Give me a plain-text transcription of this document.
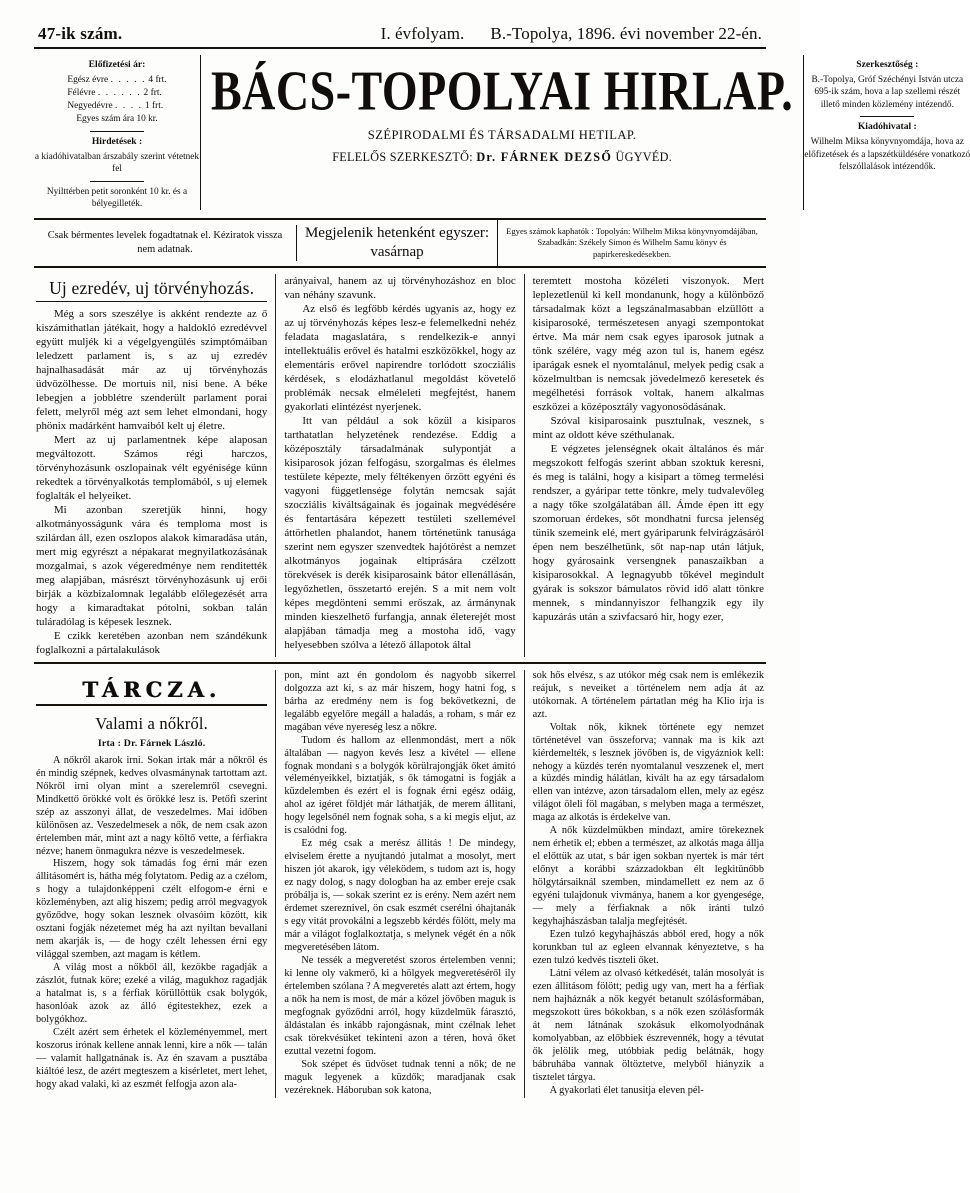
47-ik szám.	I. évfolyam. B.-Topolya, 1896. évi november 22-én.
Előfizetési ár:
Egész évre . . . . . 4 frt.
Félévre . . . . . . 2 frt.
Negyedévre . . . . 1 frt.

Egyes szám ára 10 kr.

Hirdetések :

a kiadóhivatalban árszabály szerint vétetnek fel

Nyilttérben petit soronként 10 kr. és a bélyegilleték.

BÁCS-TOPOLYAI HIRLAP.
SZÉPIRODALMI ÉS TÁRSADALMI HETILAP.
FELELŐS SZERKESZTŐ: Dr. FÁRNEK DEZSŐ ÜGYVÉD.
Szerkesztőség :

B.-Topolya, Gróf Széchényi István utcza 695-ik szám, hova a lap szellemi részét illető minden közlemény intézendő.

Kiadóhivatal :

Wilhelm Miksa könyvnyomdája, hova az előfizetések és a lapszétküldésére vonatkozó felszóllalások intézendők.

Csak bérmentes levelek fogadtatnak el. Kéziratok vissza nem adatnak.
Megjelenik hetenként egyszer:
vasárnap
Egyes számok kaphatók : Topolyán: Wilhelm Miksa könyvnyomdájában, Szabadkán: Székely Simon és Wilhelm Samu könyv és papirkereskedésekben.
Uj ezredév, uj törvényhozás.

Még a sors szeszélye is akként rendezte az ő kiszámithatlan játékait, hogy a haldokló ezredévvel együtt muljék ki a végelgyengülés szimptómáiban leledzett parlament is, s az uj ezredév hajnalhasadását már az uj törvényhozás üdvözölhesse. De mortuis nil, nisi bene. A béke lebegjen a jobblétre szenderült parlament porai felett, melyről még azt sem lehet elmondani, hogy phönix madárként hamvaiból kelt uj életre.

Mert az uj parlamentnek képe alaposan megváltozott. Számos régi harczos, törvényhozásunk oszlopainak vélt egyénisége künn rekedtek a törvényalkotás templomából, s uj elemek foglalták el helyeiket.

Mi azonban szeretjük hinni, hogy alkotmányosságunk vára és temploma most is szilárdan áll, ezen oszlopos alakok kimaradása után, mert mig egyrészt a népakarat megnyilatkozásának mozgalmai, s azok végeredménye nem renditették meg alapjában, másrészt törvényhozásunk uj erői birják a közbizalomnak legalább előlegezését arra hogy a kimaradtakat pótolni, sokban talán tuláradólag is képesek lesznek.

E czikk keretében azonban nem szándékunk foglalkozni a pártalakulások

arányaival, hanem az uj törvényhozáshoz en bloc van néhány szavunk.

Az első és legfőbb kérdés ugyanis az, hogy ez az uj törvényhozás képes lesz-e felemelkedni nehéz feladata magaslatára, s rendelkezik-e annyi intellektuális erővel és hatalmi eszközökkel, hogy az elementáris erővel napirendre torlódott szocziális kérdések, s elodázhatlanul megoldást követelő problémák necsak elméleleti megfejtést, hanem gyakorlati elintézést nyerjenek.

Itt van például a sok közül a kisiparos tarthatatlan helyzetének rendezése. Eddig a középosztály társadalmának sulypontját a kisiparosok józan felfogásu, szorgalmas és élelmes testülete képezte, mely féltékenyen őrzött egyéni és vagyoni függetlensége folytán nemcsak saját szocziális kiváltságainak és jogainak megvédésére és fentartására képezett testületi szellemével áttörhetlen phalandot, hanem történetünk tanusága szerint nem egyszer szenvedtek hajótörést a nemzet alkotmányos jogainak eltiprására czélzott törekvések is derék kisiparosaink bátor ellenállásán, legyőzhetlen, összetartó erején. S a mit nem volt képes megdönteni semmi erőszak, az ármánynak minden kieszelhető furfangja, annak életerejét most alapjában támadja meg a mostoha idő, vagy helyesebben szólva a létező állapotok által

teremtett mostoha közéleti viszonyok. Mert leplezetlenül ki kell mondanunk, hogy a különböző társadalmak közt a legszánalmasabban elzüllött a kisiparosoké, természetesen anyagi szempontokat értve. Ma már nem csak egyes iparosok jutnak a tönk szélére, vagy még azon tul is, hanem egész iparágak esnek el nyomtalánul, melyek pedig csak a közelmultban is nemcsak jövedelmező keresetek és megélhetési források voltak, hanem alkalmas eszközei a középosztály vagyonosödásának.

Szóval kisiparosaink pusztulnak, vesznek, s mint az oldott kéve széthulanak.

E végzetes jelenségnek okait általános és már megszokott felfogás szerint abban szoktuk keresni, és meg is találni, hogy a kisipart a tömeg termelési rendszer, a gyáripar tette tönkre, mely tudvalevőleg a nagy tőke szolgálatában áll. Ámde épen itt egy szomoruan érdekes, sőt mondhatni furcsa jelenség tünik szemeink elé, mert gyáriparunk felvirágzásáról épen nem beszélhetünk, sőt nap-nap után látjuk, hogy gyárosaink versengnek panaszaikban a kisiparosokkal. A legnagyubb tőkével megindult gyárak is sokszor bámulatos rövid idő alatt tönkre mennek, s mindannyiszor felhangzik egy ily kapuzárás után a szivfacsaró hir, hogy ezer,

TÁRCZA.
Valami a nőkről.
Irta : Dr. Fárnek László.

A nőkről akarok irni. Sokan irtak már a nőkről és én mindig szépnek, kedves olvasmánynak tartottam azt. Nőkről irni olyan mint a szerelemről csevegni. Mindkettő örökké volt és örökké lesz is. Petőfi szerint szép az asszonyi állat, de veszedelmes. Mai időben különösen az. Veszedelmesek a nők, de nem csak azon értelemben már, mint azt a nagy költő vette, a férfiakra nézve; hanem önmagukra nézve is veszedelmesek.

Hiszem, hogy sok támadás fog érni már ezen állitásomért is, hátha még folytatom. Pedig az a czélom, s hogy a tulajdonképpeni czélt elfogom-e érni e közleményben, azt alig hiszem; pedig arról megvagyok győződve, hogy sokan lesznek olvasóim között, kik osztani fogják nézetemet még ha azt nyiltan bevallani nem akarják is, — de hogy czélt lehessen érni egy világgal szemben, azt magam is kétlem.

A világ most a nőkből áll, kezökbe ragadják a zászlót, futnak köre; ezeké a világ, magukhoz ragadják a hatalmat is, s a férfiak körüllöttük csak bolygók, hasonlóak azok az álló égitestekhez, ezek a bolygókhoz.

Czélt azért sem érhetek el közleményemmel, mert koszorus irónak kellene annak lenni, kire a nők — talán — valamit hallgatnának is. Az én szavam a pusztába kiáltóé lesz, de azért megteszem a kisérletet, mert lehet, hogy akad valaki, ki az eszmét felfogja azon ala-

pon, mint azt én gondolom és nagyobb sikerrel dolgozza azt ki, s az már hiszem, hogy hatni fog, s bárha az eredmény nem is fog bekövetkezni, de legalább egyelőre megáll a haladás, a roham, s már ez magában véve nyereség lesz a nőkre.

Tudom és hallom az ellenmondást, mert a nők általában — nagyon kevés lesz a kivétel — ellene fognak mondani s a bolygók körülrajongják őket ámitó véleményeikkel, biztatják, s ők támogatni is fogják a küzdelemben és ezért el is fognak érni egész odáig, ahol az igéret földjét már láthatják, de merem állitani, hogy legelsőnél nem fognak soha, s a ki megis eljut, az is csalódni fog.

Ez még csak a merész állitás ! De mindegy, elviselem érette a nyujtandó jutalmat a mosolyt, mert hiszen jót akarok, igy véleködem, s tudom azt is, hogy ez nagy dolog, s nagy dologban ha az ember ereje csak próbálja is, — sokak szerint ez is erény. Nem azért nem érdemet szereznivel, ön csak eszmét cserélni óhajtanák s egy vitát provokálni a legszebb kérdés fölött, mely ma már a világot foglalkoztatja, s melynek végét én a nők megveretésében látom.

Ne tessék a megveretést szoros értelemben venni; ki lenne oly vakmerő, ki a hölgyek megveretéséről ily értelemben szólana ? A megveretés alatt azt értem, hogy a nők ha nem is most, de már a közel jövőben maguk is megfognak győződni arról, hogy küzdelmük fárasztó, áldástalan és inkább rajongásnak, mint czélnak lehet csak törekvésüket tekinteni azon a téren, hová őket ezuttal vezetni fogom.

Sok szépet és üdvöset tudnak tenni a nők; de ne maguk legyenek a küzdők; maradjanak csak vezéreknek. Háboruban sok katona,

sok hős elvész, s az utókor még csak nem is emlékezik reájuk, s neveiket a történelem nem adja át az utókornak. A történelem pártatlan még ha Klio irja is azt.

Voltak nők, kiknek története egy nemzet történetével van összeforva; vannak ma is kik azt kiérdemelték, s lesznek jövőben is, de vigyázniok kell: nehogy a küzdés terén nyomtalanul veszzenek el, mert a küzdés mindig hálátlan, kivált ha az egy társadalom ellen van intézve, azon társadalom ellen, mely az egész világot öleli föl magában, s melyben maga a természet, maga az alkotás is érdekelve van.

A nők küzdelmükben mindazt, amire törekeznek nem érhetik el; ebben a természet, az alkotás maga állja el előttük az utat, s bár igen sokban nyertek is már tért előnyt a korábbi százzadokban élt legkitünőbb hölgytársaiknál szemben, mindamellett ez nem az ő egyéni tulajdonuk vivmánya, hanem a kor gyengesége, — mely a férfiaknak a nők iránti tulzó kegyhajhászásban talalja megfejtését.

Ezen tulzó kegyhajhászás abból ered, hogy a nők korunkban tul az egleen elvannak kényeztetve, s ha ezen tulzó kedvés tiszteli őket.

Látni vélem az olvasó kétkedését, talán mosolyát is ezen állitásom fölött; pedig ugy van, mert ha a férfiak nem hajháznák a nők kegyét betanult szólásformában, megszokott üres bókokban, s a nők ezen szólásformák át nem látnának szokásuk elkomolyodnának komolyabban, az előbbiek észrevennék, hogy a tévutat ők jelölik meg, utóbbiak pedig belátnák, hogy bábruhába vannak öltöztetve, melyből hiányzik a tisztelet tárgya.

A gyakorlati élet tanusitja eleven pél-
